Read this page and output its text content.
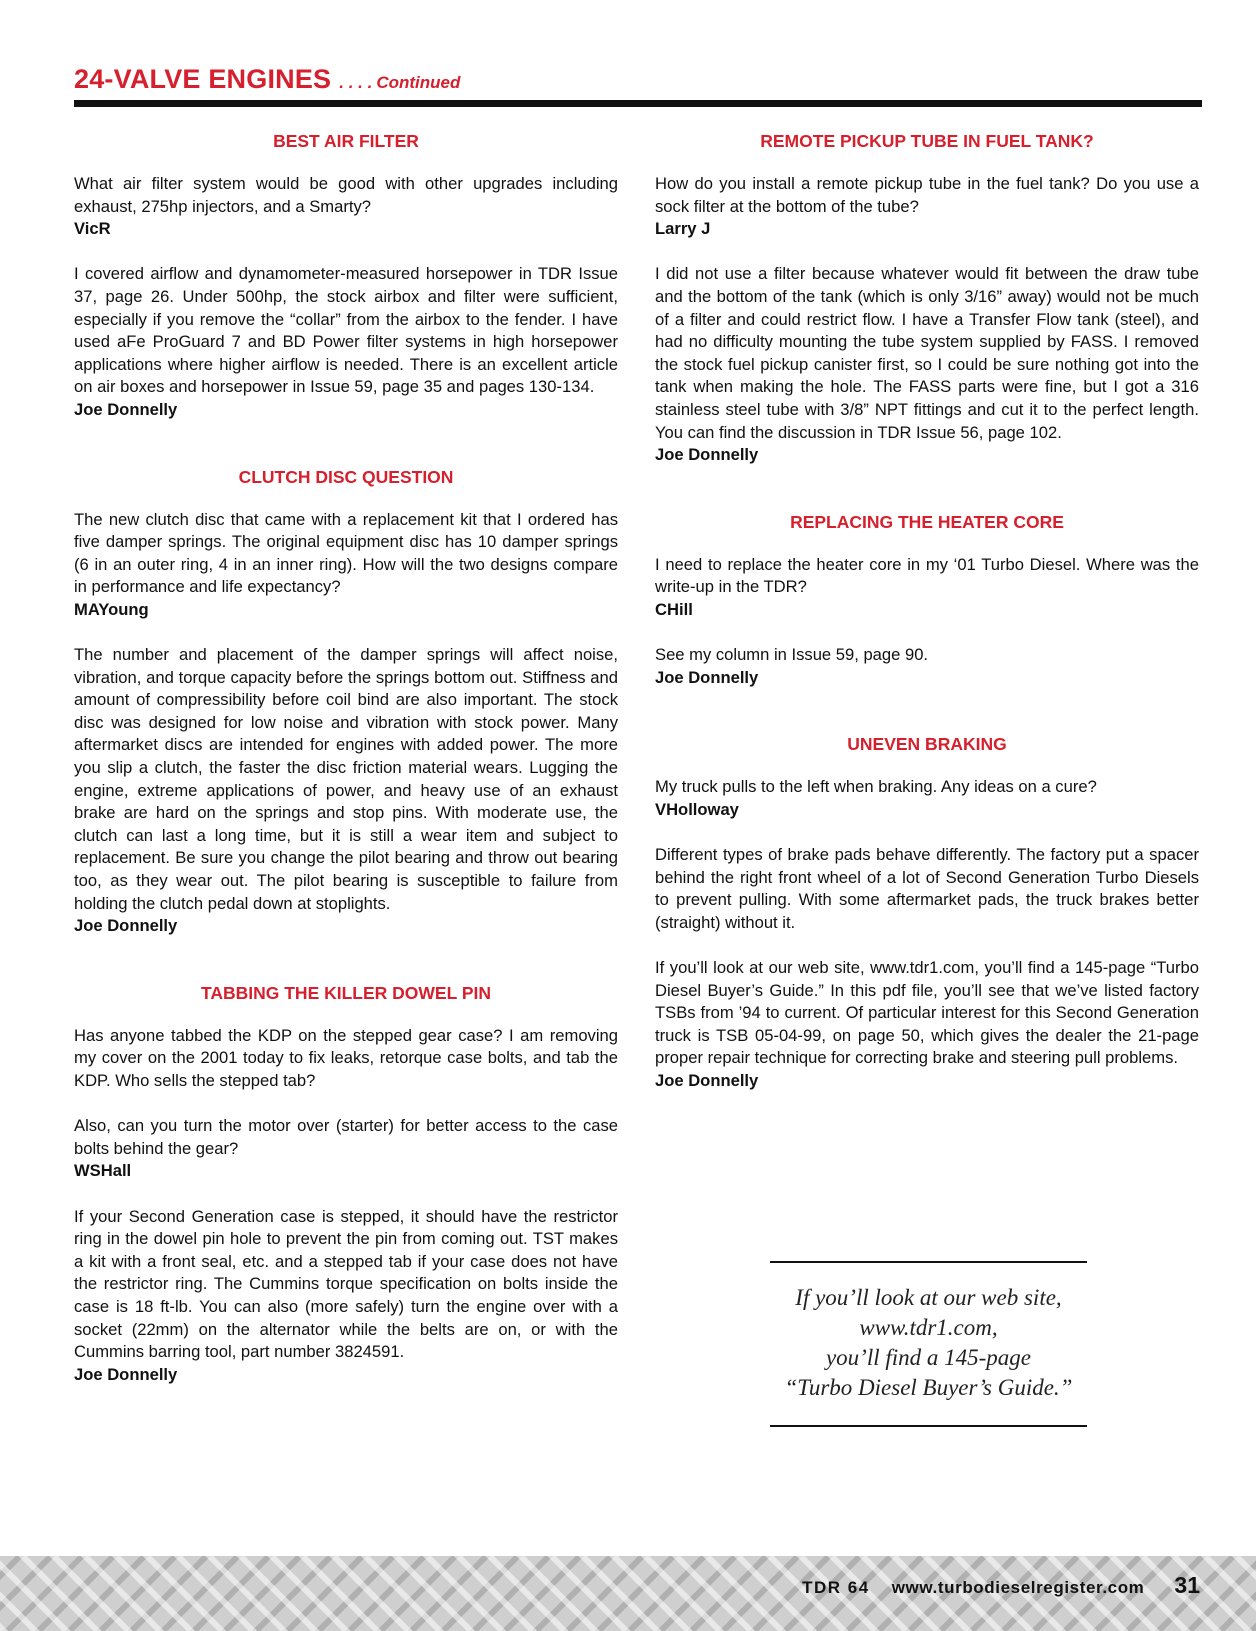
24-VALVE ENGINES . . . . Continued
BEST AIR FILTER

What air filter system would be good with other upgrades including exhaust, 275hp injectors, and a Smarty?

VicR

I covered airflow and dynamometer-measured horsepower in TDR Issue 37, page 26. Under 500hp, the stock airbox and filter were sufficient, especially if you remove the “collar” from the airbox to the fender. I have used aFe ProGuard 7 and BD Power filter systems in high horsepower applications where higher airflow is needed. There is an excellent article on air boxes and horsepower in Issue 59, page 35 and pages 130-134.

Joe Donnelly

CLUTCH DISC QUESTION

The new clutch disc that came with a replacement kit that I ordered has five damper springs. The original equipment disc has 10 damper springs (6 in an outer ring, 4 in an inner ring). How will the two designs compare in performance and life expectancy?

MAYoung

The number and placement of the damper springs will affect noise, vibration, and torque capacity before the springs bottom out. Stiffness and amount of compressibility before coil bind are also important. The stock disc was designed for low noise and vibration with stock power. Many aftermarket discs are intended for engines with added power. The more you slip a clutch, the faster the disc friction material wears. Lugging the engine, extreme applications of power, and heavy use of an exhaust brake are hard on the springs and stop pins. With moderate use, the clutch can last a long time, but it is still a wear item and subject to replacement. Be sure you change the pilot bearing and throw out bearing too, as they wear out. The pilot bearing is susceptible to failure from holding the clutch pedal down at stoplights.

Joe Donnelly

TABBING THE KILLER DOWEL PIN

Has anyone tabbed the KDP on the stepped gear case? I am removing my cover on the 2001 today to fix leaks, retorque case bolts, and tab the KDP. Who sells the stepped tab?

Also, can you turn the motor over (starter) for better access to the case bolts behind the gear?

WSHall

If your Second Generation case is stepped, it should have the restrictor ring in the dowel pin hole to prevent the pin from coming out. TST makes a kit with a front seal, etc. and a stepped tab if your case does not have the restrictor ring. The Cummins torque specification on bolts inside the case is 18 ft-lb. You can also (more safely) turn the engine over with a socket (22mm) on the alternator while the belts are on, or with the Cummins barring tool, part number 3824591.

Joe Donnelly

REMOTE PICKUP TUBE IN FUEL TANK?

How do you install a remote pickup tube in the fuel tank? Do you use a sock filter at the bottom of the tube?

Larry J

I did not use a filter because whatever would fit between the draw tube and the bottom of the tank (which is only 3/16” away) would not be much of a filter and could restrict flow. I have a Transfer Flow tank (steel), and had no difficulty mounting the tube system supplied by FASS. I removed the stock fuel pickup canister first, so I could be sure nothing got into the tank when making the hole. The FASS parts were fine, but I got a 316 stainless steel tube with 3/8” NPT fittings and cut it to the perfect length. You can find the discussion in TDR Issue 56, page 102.

Joe Donnelly

REPLACING THE HEATER CORE

I need to replace the heater core in my ‘01 Turbo Diesel. Where was the write-up in the TDR?

CHill

See my column in Issue 59, page 90.

Joe Donnelly

UNEVEN BRAKING

My truck pulls to the left when braking. Any ideas on a cure?

VHolloway

Different types of brake pads behave differently. The factory put a spacer behind the right front wheel of a lot of Second Generation Turbo Diesels to prevent pulling. With some aftermarket pads, the truck brakes better (straight) without it.

If you’ll look at our web site, www.tdr1.com, you’ll find a 145-page “Turbo Diesel Buyer’s Guide.” In this pdf file, you’ll see that we’ve listed factory TSBs from ’94 to current. Of particular interest for this Second Generation truck is TSB 05-04-99, on page 50, which gives the dealer the 21-page proper repair technique for correcting brake and steering pull problems.

Joe Donnelly

If you’ll look at our web site,
www.tdr1.com,
you’ll find a 145-page
“Turbo Diesel Buyer’s Guide.”
TDR 64 www.turbodieselregister.com 31
